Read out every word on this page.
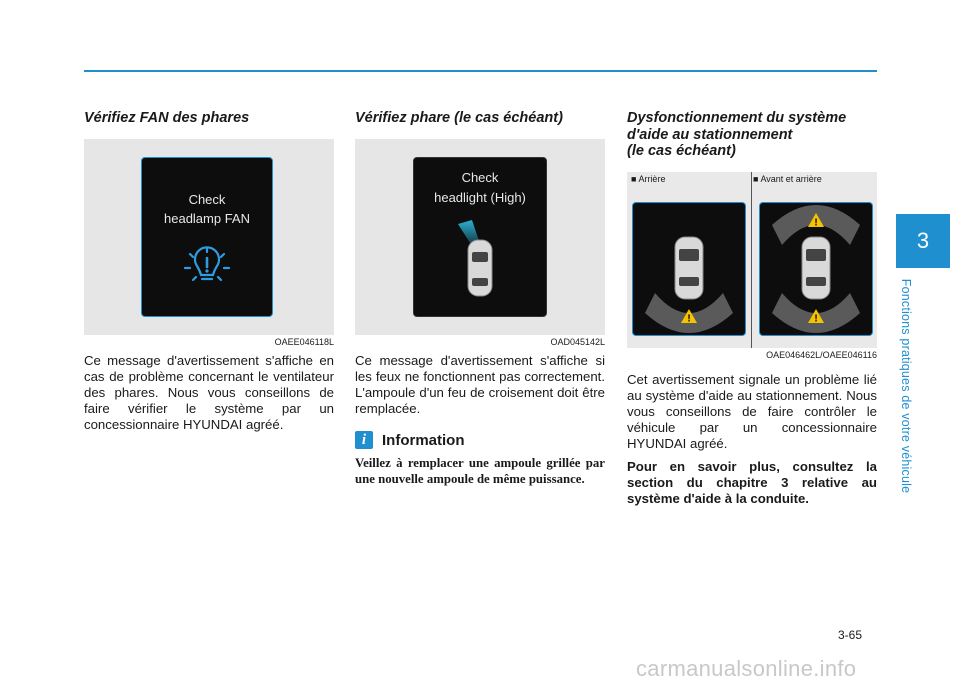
3
Fonctions pratiques de votre véhicule
Vérifiez FAN des phares
Check
headlamp FAN
OAEE046118L

Ce message d'avertissement s'affiche en cas de problème concernant le ventilateur des phares. Nous vous conseillons de faire vérifier le système par un concessionnaire HYUNDAI agréé.

Vérifiez phare (le cas échéant)
Check
headlight (High)
OAD045142L

Ce message d'avertissement s'affiche si les feux ne fonctionnent pas correctement. L'ampoule d'un feu de croisement doit être remplacée.

i	Information

Veillez à remplacer une ampoule grillée par une nouvelle ampoule de même puissance.

Dysfonctionnement du système
d'aide au stationnement
(le cas échéant)
■ Arrière	■ Avant et arrière
!
!
!
OAE046462L/OAEE046116

Cet avertissement signale un problème lié au système d'aide au stationnement. Nous vous conseillons de faire contrôler le véhicule par un concessionnaire HYUNDAI agréé.

Pour en savoir plus, consultez la section du chapitre 3 relative au système d'aide à la conduite.

3-65
carmanualsonline.info
